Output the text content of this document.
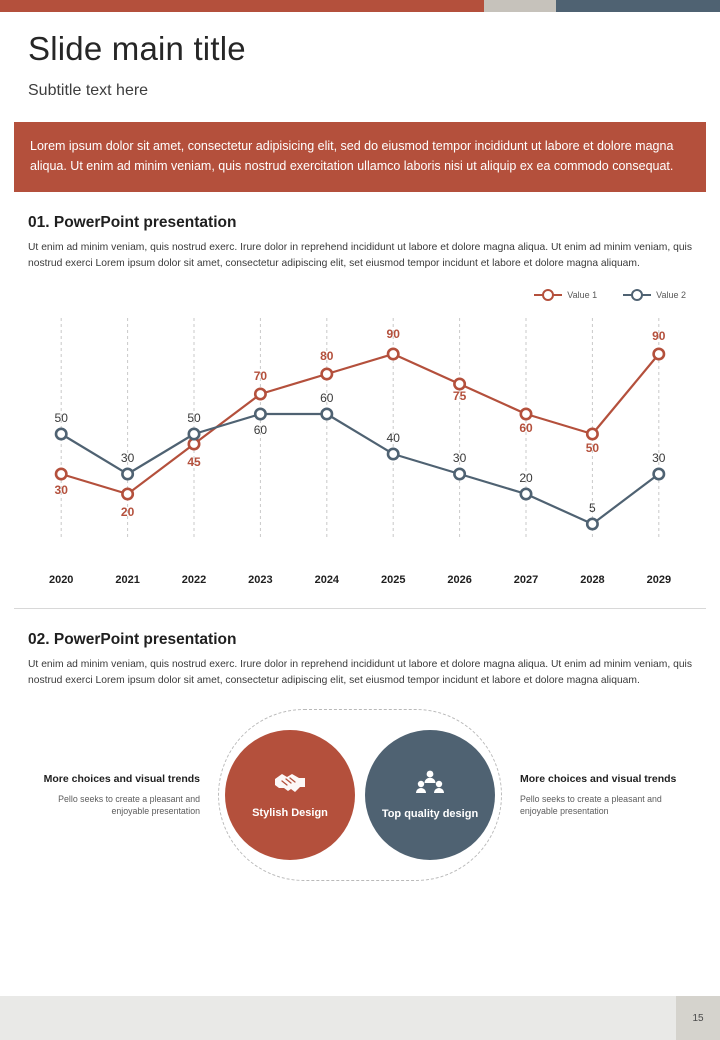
Slide main title

Subtitle text here

Lorem ipsum dolor sit amet, consectetur adipisicing elit, sed do eiusmod tempor incididunt ut labore et dolore magna aliqua. Ut enim ad minim veniam, quis nostrud exercitation ullamco laboris nisi ut aliquip ex ea commodo consequat.
01. PowerPoint presentation

Ut enim ad minim veniam, quis nostrud exerc. Irure dolor in reprehend incididunt ut labore et dolore magna aliqua. Ut enim ad minim veniam, quis nostrud exerci Lorem ipsum dolor sit amet, consectetur adipiscing elit, set eiusmod tempor incidunt et labore et dolore magna aliquam.

Value 1	Value 2
30
20
45
70
80
90
75
60
50
90
50
30
50
60
60
40
30
20
5
30
2020	2021	2022	2023	2024	2025	2026	2027	2028	2029
02. PowerPoint presentation

Ut enim ad minim veniam, quis nostrud exerc. Irure dolor in reprehend incididunt ut labore et dolore magna aliqua. Ut enim ad minim veniam, quis nostrud exerci Lorem ipsum dolor sit amet, consectetur adipiscing elit, set eiusmod tempor incidunt et labore et dolore magna aliquam.

More choices and visual trends
Pello seeks to create a pleasant and enjoyable presentation	Stylish Design	Top quality design
More choices and visual trends
Pello seeks to create a pleasant and enjoyable presentation
15
